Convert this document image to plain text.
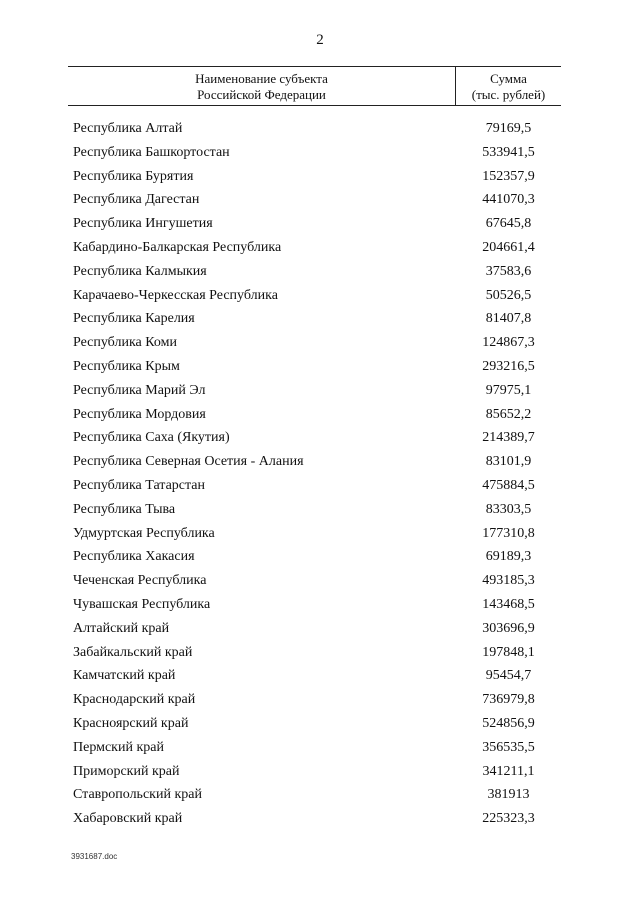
2
Наименование субъекта
Российской Федерации
Сумма
(тыс. рублей)
Республика Алтай	79169,5
Республика Башкортостан	533941,5
Республика Бурятия	152357,9
Республика Дагестан	441070,3
Республика Ингушетия	67645,8
Кабардино-Балкарская Республика	204661,4
Республика Калмыкия	37583,6
Карачаево-Черкесская Республика	50526,5
Республика Карелия	81407,8
Республика Коми	124867,3
Республика Крым	293216,5
Республика Марий Эл	97975,1
Республика Мордовия	85652,2
Республика Саха (Якутия)	214389,7
Республика Северная Осетия - Алания	83101,9
Республика Татарстан	475884,5
Республика Тыва	83303,5
Удмуртская Республика	177310,8
Республика Хакасия	69189,3
Чеченская Республика	493185,3
Чувашская Республика	143468,5
Алтайский край	303696,9
Забайкальский край	197848,1
Камчатский край	95454,7
Краснодарский край	736979,8
Красноярский край	524856,9
Пермский край	356535,5
Приморский край	341211,1
Ставропольский край	381913
Хабаровский край	225323,3
3931687.doc
